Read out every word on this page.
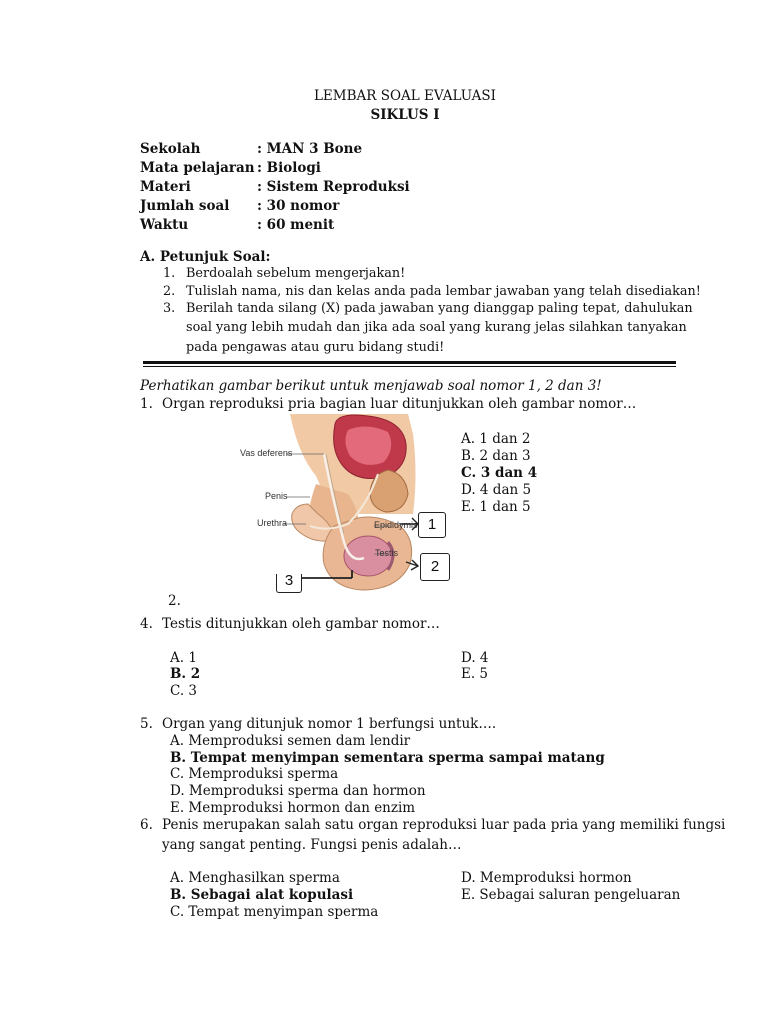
LEMBAR SOAL EVALUASI
SIKLUS I
Sekolah	: MAN 3 Bone
Mata pelajaran : Biologi
Materi	: Sistem Reproduksi
Jumlah soal : 30 nomor
Waktu	: 60 menit
A. Petunjuk Soal:
1. Berdoalah sebelum mengerjakan!
2. Tulislah nama, nis dan kelas anda pada lembar jawaban yang telah disediakan!
3. Berilah tanda silang (X) pada jawaban yang dianggap paling tepat, dahulukan
soal yang lebih mudah dan jika ada soal yang kurang jelas silahkan tanyakan
pada pengawas atau guru bidang studi!
Perhatikan gambar berikut untuk menjawab soal nomor 1, 2 dan 3!
1. Organ reproduksi pria bagian luar ditunjukkan oleh gambar nomor…
Vas deferens
Penis
Urethra	Epididymis
Testis
1
2
3
A. 1 dan 2
B. 2 dan 3
C. 3 dan 4
D. 4 dan 5
E. 1 dan 5
2.
4. Testis ditunjukkan oleh gambar nomor…
A. 1
B. 2
C. 3
D. 4
E. 5
5. Organ yang ditunjuk nomor 1 berfungsi untuk….
A. Memproduksi semen dam lendir
B. Tempat menyimpan sementara sperma sampai matang
C. Memproduksi sperma
D. Memproduksi sperma dan hormon
E. Memproduksi hormon dan enzim
6. Penis merupakan salah satu organ reproduksi luar pada pria yang memiliki fungsi
yang sangat penting. Fungsi penis adalah…
A. Menghasilkan sperma
B. Sebagai alat kopulasi
C. Tempat menyimpan sperma
D. Memproduksi hormon
E. Sebagai saluran pengeluaran
